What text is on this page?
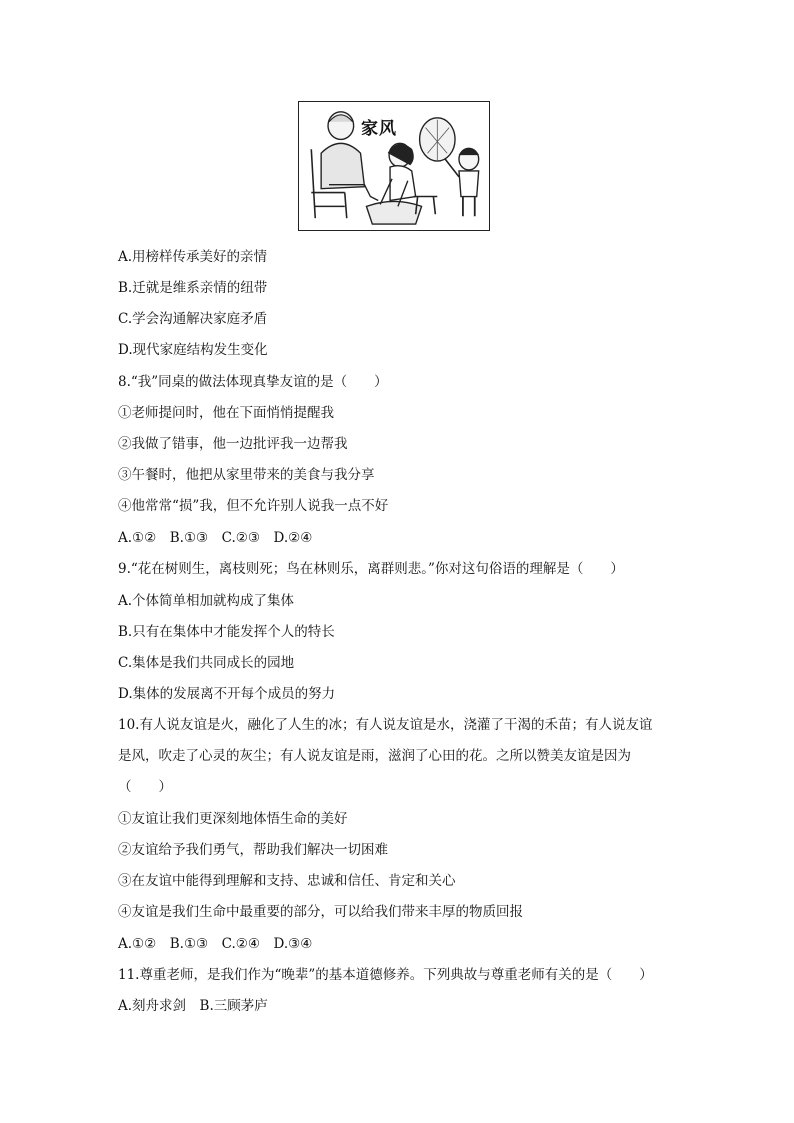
家风
A.用榜样传承美好的亲情
B.迁就是维系亲情的纽带
C.学会沟通解决家庭矛盾
D.现代家庭结构发生变化
8.“我”同桌的做法体现真挚友谊的是（　　）
①老师提问时，他在下面悄悄提醒我
②我做了错事，他一边批评我一边帮我
③午餐时，他把从家里带来的美食与我分享
④他常常“损”我，但不允许别人说我一点不好
A.①②　B.①③　C.②③　D.②④
9.“花在树则生，离枝则死；鸟在林则乐，离群则悲。”你对这句俗语的理解是（　　）
A.个体简单相加就构成了集体
B.只有在集体中才能发挥个人的特长
C.集体是我们共同成长的园地
D.集体的发展离不开每个成员的努力
10.有人说友谊是火，融化了人生的冰；有人说友谊是水，浇灌了干渴的禾苗；有人说友谊
是风，吹走了心灵的灰尘；有人说友谊是雨，滋润了心田的花。之所以赞美友谊是因为
（　　）
①友谊让我们更深刻地体悟生命的美好
②友谊给予我们勇气，帮助我们解决一切困难
③在友谊中能得到理解和支持、忠诚和信任、肯定和关心
④友谊是我们生命中最重要的部分，可以给我们带来丰厚的物质回报
A.①②　B.①③　C.②④　D.③④
11.尊重老师，是我们作为“晚辈”的基本道德修养。下列典故与尊重老师有关的是（　　）
A.刻舟求剑　B.三顾茅庐
